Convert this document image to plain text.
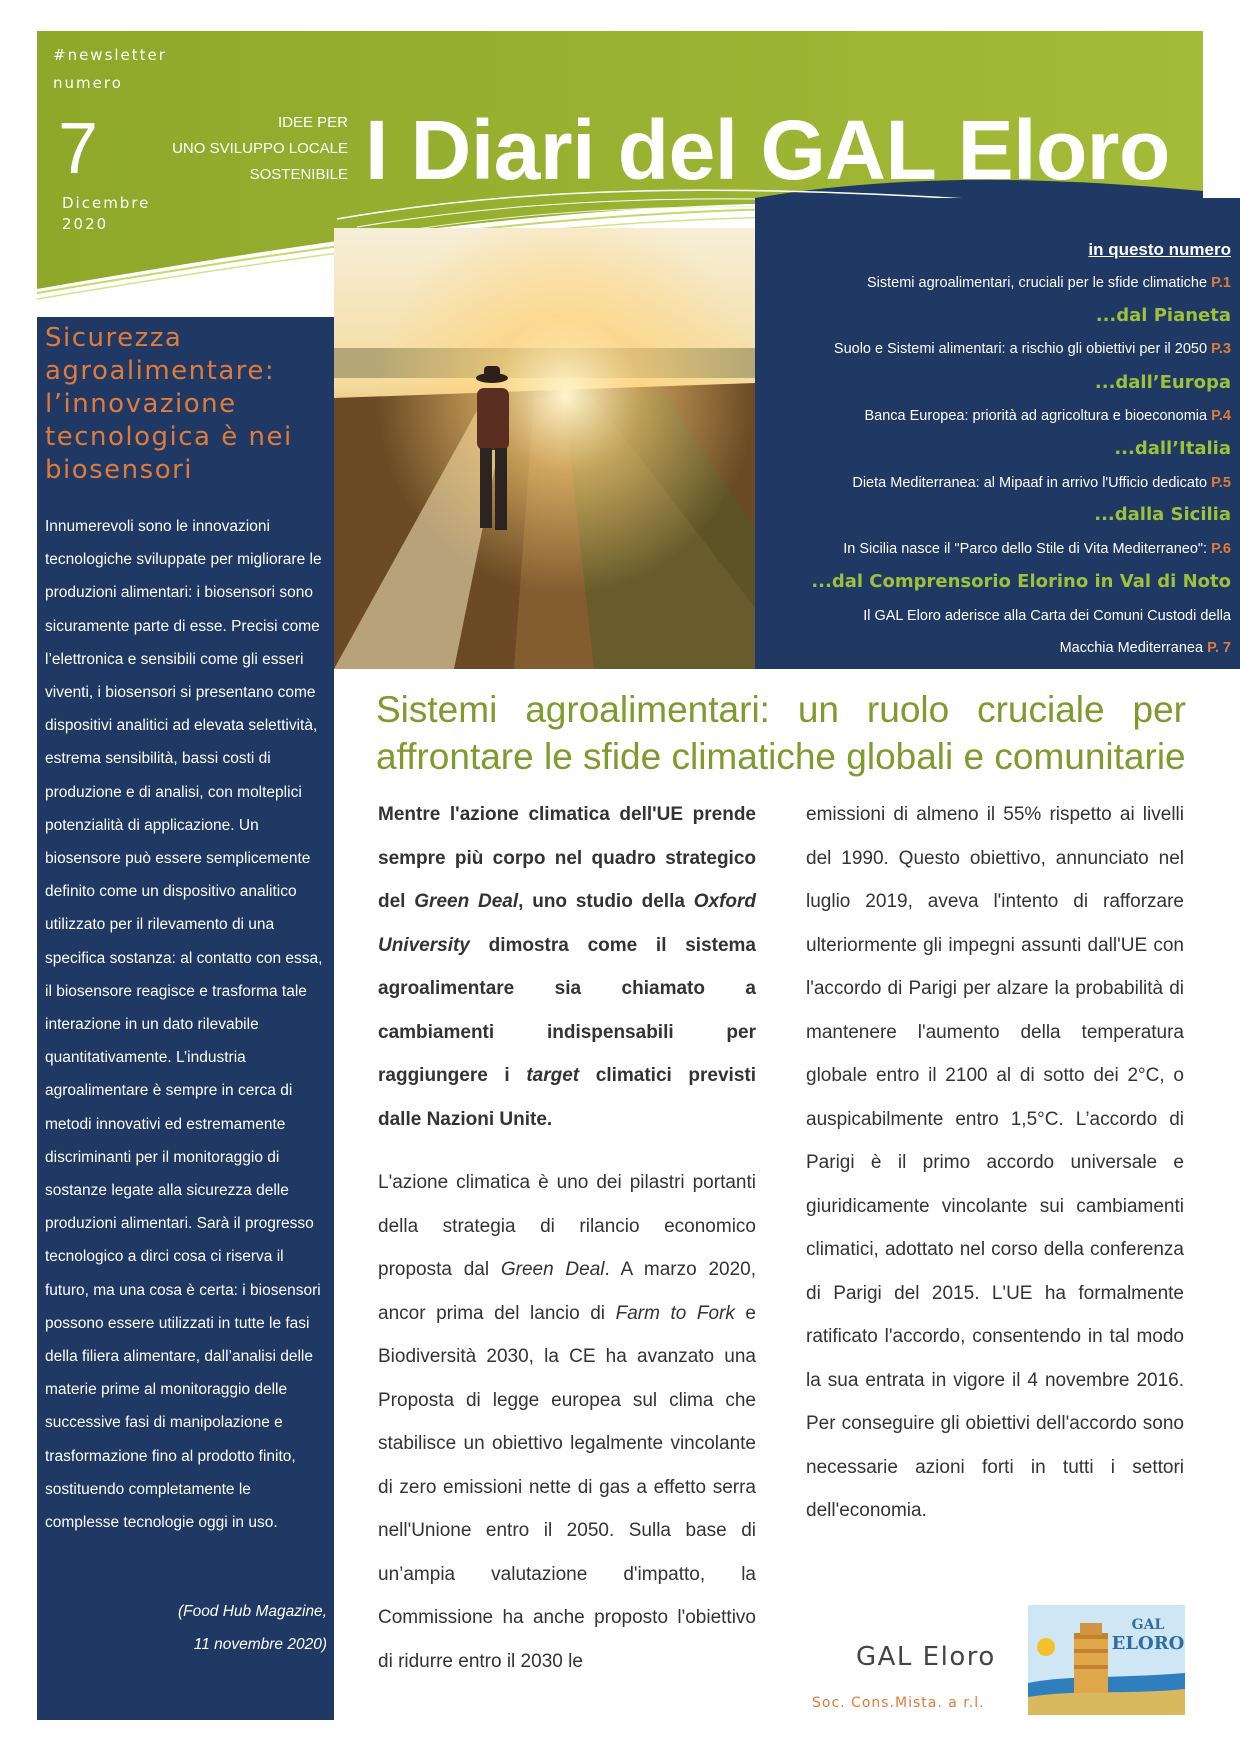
#newsletter
numero
7
Dicembre
2020
IDEE PER
UNO SVILUPPO LOCALE
SOSTENIBILE I Diari del GAL Eloro
Sicurezza agroalimentare: l’innovazione tecnologica è nei biosensori
Innumerevoli sono le innovazioni tecnologiche sviluppate per migliorare le produzioni alimentari: i biosensori sono sicuramente parte di esse. Precisi come l’elettronica e sensibili come gli esseri viventi, i biosensori si presentano come dispositivi analitici ad elevata selettività, estrema sensibilità, bassi costi di produzione e di analisi, con molteplici potenzialità di applicazione. Un biosensore può essere semplicemente definito come un dispositivo analitico utilizzato per il rilevamento di una specifica sostanza: al contatto con essa, il biosensore reagisce e trasforma tale interazione in un dato rilevabile quantitativamente. L’industria agroalimentare è sempre in cerca di metodi innovativi ed estremamente discriminanti per il monitoraggio di sostanze legate alla sicurezza delle produzioni alimentari. Sarà il progresso tecnologico a dirci cosa ci riserva il futuro, ma una cosa è certa: i biosensori possono essere utilizzati in tutte le fasi della filiera alimentare, dall’analisi delle materie prime al monitoraggio delle successive fasi di manipolazione e trasformazione fino al prodotto finito, sostituendo completamente le complesse tecnologie oggi in uso.
(Food Hub Magazine,
11 novembre 2020)
in questo numero
Sistemi agroalimentari, cruciali per le sfide climatiche P.1
...dal Pianeta
Suolo e Sistemi alimentari: a rischio gli obiettivi per il 2050 P.3
...dall’Europa
Banca Europea: priorità ad agricoltura e bioeconomia P.4
...dall’Italia
Dieta Mediterranea: al Mipaaf in arrivo l'Ufficio dedicato P.5
...dalla Sicilia
In Sicilia nasce il "Parco dello Stile di Vita Mediterraneo": P.6
...dal Comprensorio Elorino in Val di Noto
Il GAL Eloro aderisce alla Carta dei Comuni Custodi della
Macchia Mediterranea P. 7
Sistemi agroalimentari: un ruolo cruciale per affrontare le sfide climatiche globali e comunitarie
Mentre l'azione climatica dell'UE prende sempre più corpo nel quadro strategico del Green Deal, uno studio della Oxford University dimostra come il sistema agroalimentare sia chiamato a cambiamenti indispensabili per raggiungere i target climatici previsti dalle Nazioni Unite.
L'azione climatica è uno dei pilastri portanti della strategia di rilancio economico proposta dal Green Deal. A marzo 2020, ancor prima del lancio di Farm to Fork e Biodiversità 2030, la CE ha avanzato una Proposta di legge europea sul clima che stabilisce un obiettivo legalmente vincolante di zero emissioni nette di gas a effetto serra nell'Unione entro il 2050. Sulla base di un’ampia valutazione d'impatto, la Commissione ha anche proposto l'obiettivo di ridurre entro il 2030 le
emissioni di almeno il 55% rispetto ai livelli del 1990. Questo obiettivo, annunciato nel luglio 2019, aveva l'intento di rafforzare ulteriormente gli impegni assunti dall'UE con l'accordo di Parigi per alzare la probabilità di mantenere l'aumento della temperatura globale entro il 2100 al di sotto dei 2°C, o auspicabilmente entro 1,5°C. L’accordo di Parigi è il primo accordo universale e giuridicamente vincolante sui cambiamenti climatici, adottato nel corso della conferenza di Parigi del 2015. L'UE ha formalmente ratificato l'accordo, consentendo in tal modo la sua entrata in vigore il 4 novembre 2016. Per conseguire gli obiettivi dell'accordo sono necessarie azioni forti in tutti i settori dell'economia.
GAL Eloro
Soc. Cons.Mista. a r.l.
GAL
ELORO
